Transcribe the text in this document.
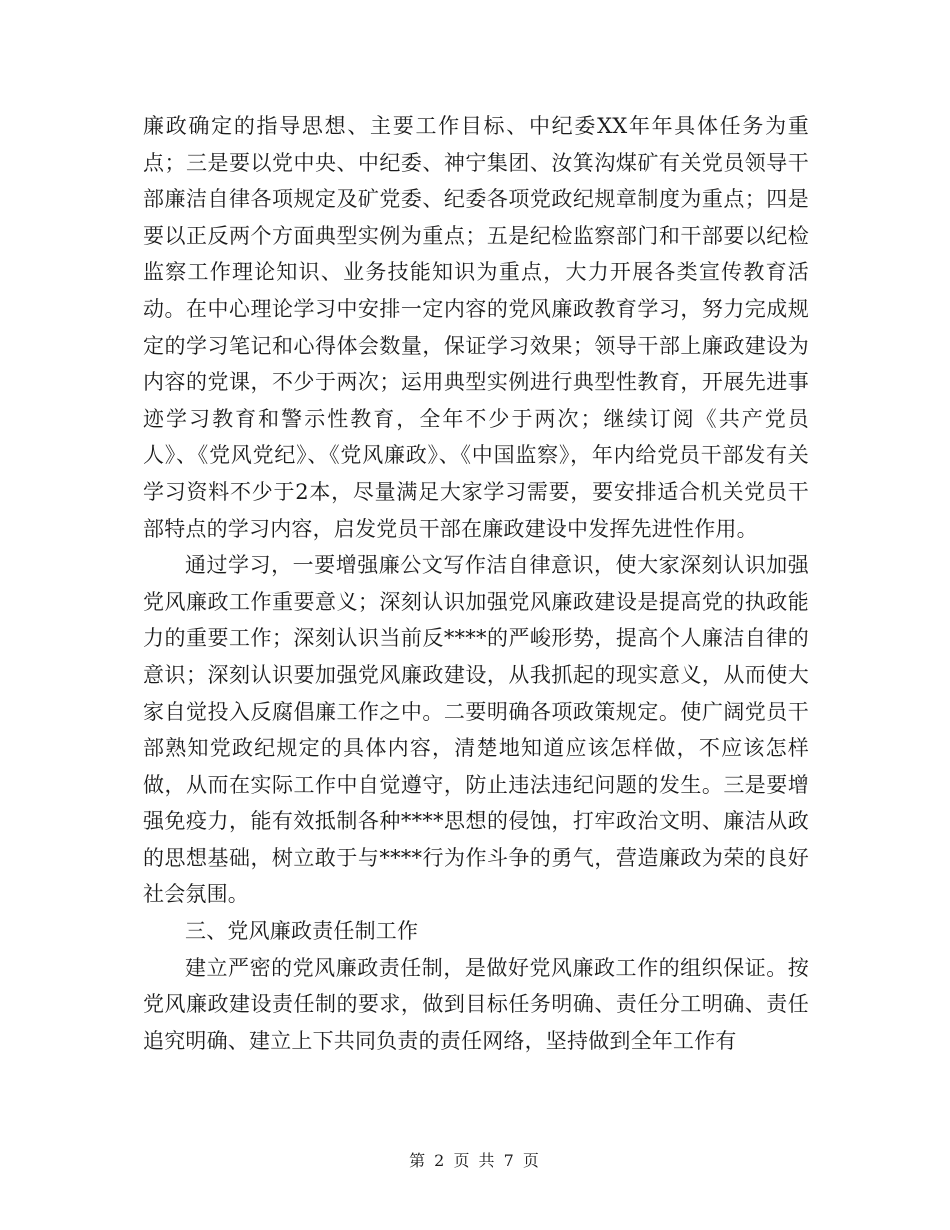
廉政确定的指导思想、主要工作目标、中纪委XX年年具体任务为重点；三是要以党中央、中纪委、神宁集团、汝箕沟煤矿有关党员领导干部廉洁自律各项规定及矿党委、纪委各项党政纪规章制度为重点；四是要以正反两个方面典型实例为重点；五是纪检监察部门和干部要以纪检监察工作理论知识、业务技能知识为重点，大力开展各类宣传教育活动。在中心理论学习中安排一定内容的党风廉政教育学习，努力完成规定的学习笔记和心得体会数量，保证学习效果；领导干部上廉政建设为内容的党课，不少于两次；运用典型实例进行典型性教育，开展先进事迹学习教育和警示性教育，全年不少于两次；继续订阅《共产党员人》、《党风党纪》、《党风廉政》、《中国监察》，年内给党员干部发有关学习资料不少于2本，尽量满足大家学习需要，要安排适合机关党员干部特点的学习内容，启发党员干部在廉政建设中发挥先进性作用。

通过学习，一要增强廉公文写作洁自律意识，使大家深刻认识加强党风廉政工作重要意义；深刻认识加强党风廉政建设是提高党的执政能力的重要工作；深刻认识当前反****的严峻形势，提高个人廉洁自律的意识；深刻认识要加强党风廉政建设，从我抓起的现实意义，从而使大家自觉投入反腐倡廉工作之中。二要明确各项政策规定。使广阔党员干部熟知党政纪规定的具体内容，清楚地知道应该怎样做，不应该怎样做，从而在实际工作中自觉遵守，防止违法违纪问题的发生。三是要增强免疫力，能有效抵制各种****思想的侵蚀，打牢政治文明、廉洁从政的思想基础，树立敢于与****行为作斗争的勇气，营造廉政为荣的良好社会氛围。

三、党风廉政责任制工作

建立严密的党风廉政责任制，是做好党风廉政工作的组织保证。按党风廉政建设责任制的要求，做到目标任务明确、责任分工明确、责任追究明确、建立上下共同负责的责任网络，坚持做到全年工作有

第 2 页 共 7 页
